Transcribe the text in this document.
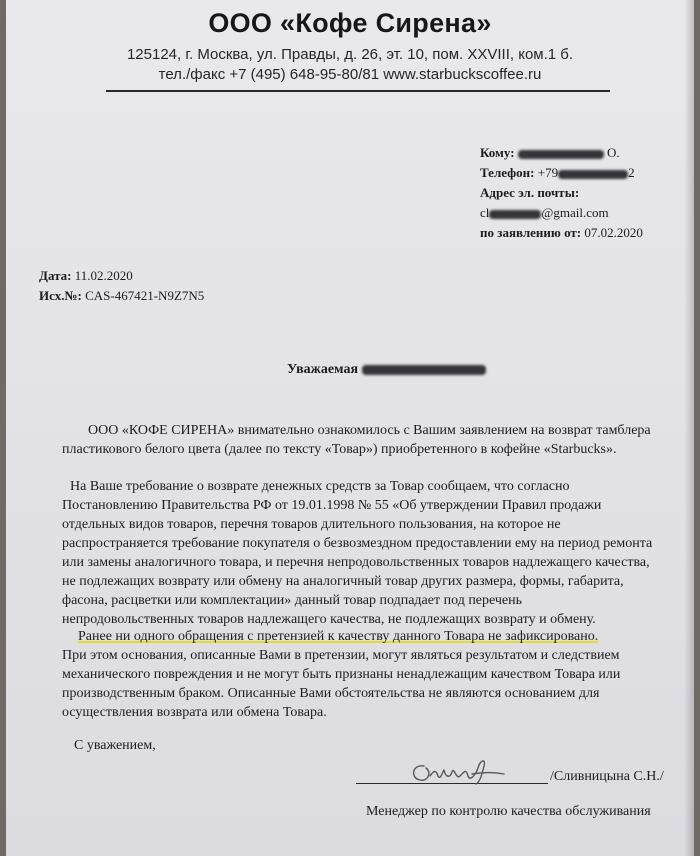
ООО «Кофе Сирена»
125124, г. Москва, ул. Правды, д. 26, эт. 10, пом. XXVIII, ком.1 б.
тел./факс +7 (495) 648-95-80/81 www.starbuckscoffee.ru
Кому:	О.
Телефон: +79	2
Адрес эл. почты:
cl	@gmail.com
по заявлению от: 07.02.2020
Дата: 11.02.2020
Исх.№: CAS-467421-N9Z7N5
Уважаемая
ООО «КОФЕ СИРЕНА» внимательно ознакомилось с Вашим заявлением на возврат тамблера
пластикового белого цвета (далее по тексту «Товар») приобретенного в кофейне «Starbucks».
На Ваше требование о возврате денежных средств за Товар сообщаем, что согласно
Постановлению Правительства РФ от 19.01.1998 № 55 «Об утверждении Правил продажи
отдельных видов товаров, перечня товаров длительного пользования, на которое не
распространяется требование покупателя о безвозмездном предоставлении ему на период ремонта
или замены аналогичного товара, и перечня непродовольственных товаров надлежащего качества,
не подлежащих возврату или обмену на аналогичный товар других размера, формы, габарита,
фасона, расцветки или комплектации» данный товар подпадает под перечень
непродовольственных товаров надлежащего качества, не подлежащих возврату и обмену.
Ранее ни одного обращения с претензией к качеству данного Товара не зафиксировано.
При этом основания, описанные Вами в претензии, могут являться результатом и следствием
механического повреждения и не могут быть признаны ненадлежащим качеством Товара или
производственным браком. Описанные Вами обстоятельства не являются основанием для
осуществления возврата или обмена Товара.
С уважением,
/Сливницына С.Н./
Менеджер по контролю качества обслуживания
